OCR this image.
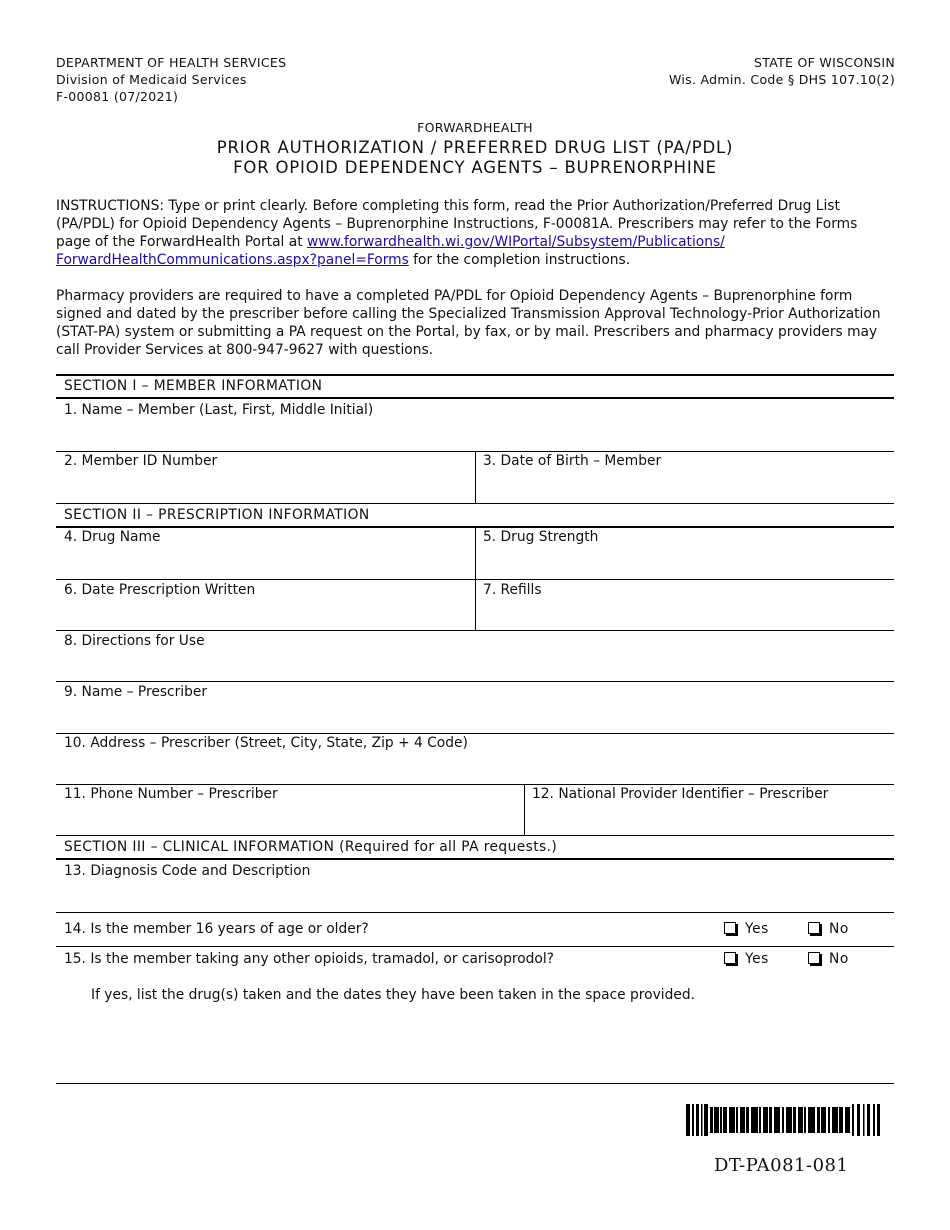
DEPARTMENT OF HEALTH SERVICES
Division of Medicaid Services
F-00081 (07/2021)
STATE OF WISCONSIN
Wis. Admin. Code § DHS 107.10(2)
FORWARDHEALTH
PRIOR AUTHORIZATION / PREFERRED DRUG LIST (PA/PDL)
FOR OPIOID DEPENDENCY AGENTS – BUPRENORPHINE
INSTRUCTIONS: Type or print clearly. Before completing this form, read the Prior Authorization/Preferred Drug List (PA/PDL) for Opioid Dependency Agents – Buprenorphine Instructions, F-00081A. Prescribers may refer to the Forms page of the ForwardHealth Portal at www.forwardhealth.wi.gov/WIPortal/Subsystem/Publications/
ForwardHealthCommunications.aspx?panel=Forms for the completion instructions.
Pharmacy providers are required to have a completed PA/PDL for Opioid Dependency Agents – Buprenorphine form signed and dated by the prescriber before calling the Specialized Transmission Approval Technology-Prior Authorization (STAT-PA) system or submitting a PA request on the Portal, by fax, or by mail. Prescribers and pharmacy providers may call Provider Services at 800-947-9627 with questions.
SECTION I – MEMBER INFORMATION
1. Name – Member (Last, First, Middle Initial)
2. Member ID Number	3. Date of Birth – Member
SECTION II – PRESCRIPTION INFORMATION
4. Drug Name	5. Drug Strength
6. Date Prescription Written	7. Refills
8. Directions for Use
9. Name – Prescriber
10. Address – Prescriber (Street, City, State, Zip + 4 Code)
11. Phone Number – Prescriber	12. National Provider Identifier – Prescriber
SECTION III – CLINICAL INFORMATION (Required for all PA requests.)
13. Diagnosis Code and Description
14. Is the member 16 years of age or older?	Yes	No
15. Is the member taking any other opioids, tramadol, or carisoprodol?	Yes	No
If yes, list the drug(s) taken and the dates they have been taken in the space provided.
DT-PA081-081
